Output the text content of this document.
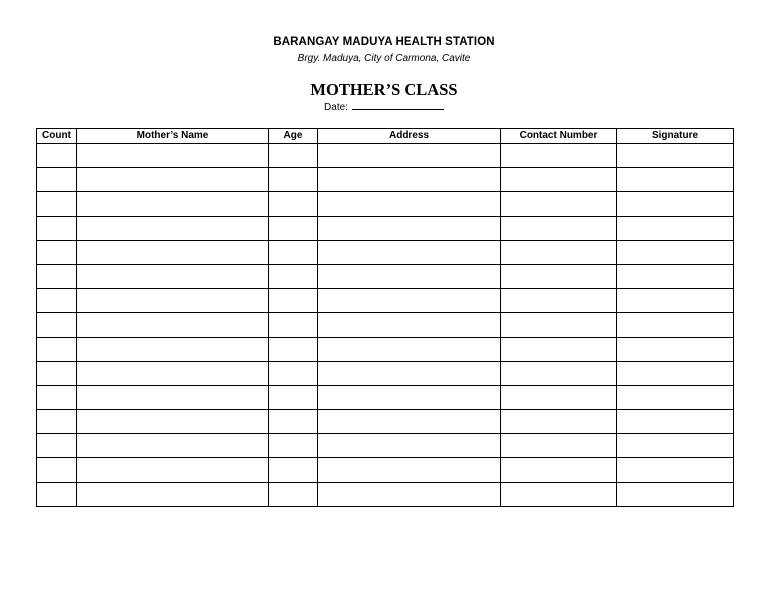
BARANGAY MADUYA HEALTH STATION
Brgy. Maduya, City of Carmona, Cavite
MOTHER’S CLASS
Date:
Count	Mother’s Name	Age	Address	Contact Number	Signature
